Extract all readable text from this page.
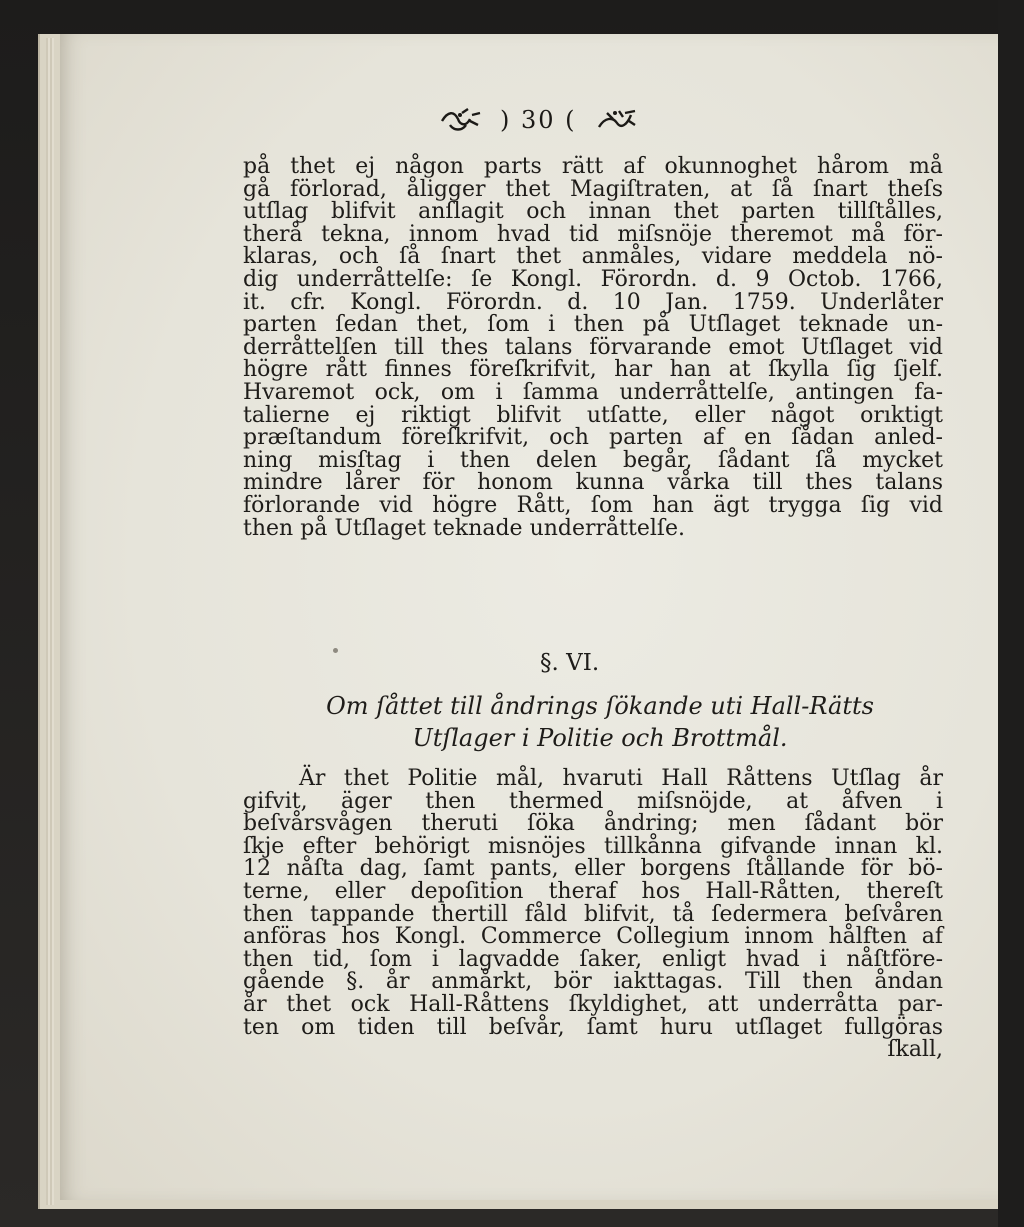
) 30 (
på thet ej någon parts rätt af okunnoghet hårom må
gå förlorad, åligger thet Magiſtraten, at ſå ſnart theſs
utſlag blifvit anſlagit och innan thet parten tillſtålles,
therå tekna, innom hvad tid miſsnöje theremot må för-
klaras, och ſå ſnart thet anmåles, vidare meddela nö-
dig underråttelſe: ſe Kongl. Förordn. d. 9 Octob. 1766,
it. cfr. Kongl. Förordn. d. 10 Jan. 1759. Underlåter
parten ſedan thet, ſom i then på Utſlaget teknade un-
derråttelſen till thes talans förvarande emot Utſlaget vid
högre rått finnes föreſkrifvit, har han at ſkylla ſig ſjelf.
Hvaremot ock, om i ſamma underråttelſe, antingen fa-
talierne ej riktigt blifvit utſatte, eller något orıktigt
præſtandum föreſkrifvit, och parten af en ſådan anled-
ning misſtag i then delen begår, ſådant ſå mycket
mindre lårer för honom kunna vårka till thes talans
förlorande vid högre Rått, ſom han ägt trygga ſig vid
then på Utſlaget teknade underråttelſe.
§. VI.
Om ſåttet till åndrings ſökande uti Hall-Rätts
Utſlager i Politie och Brottmål.
Är thet Politie mål, hvaruti Hall Råttens Utſlag år
gifvit, äger then thermed miſsnöjde, at åfven i
beſvårsvågen theruti ſöka åndring; men ſådant bör
ſkje efter behörigt misnöjes tillkånna gifvande innan kl.
12 nåſta dag, ſamt pants, eller borgens ſtållande för bö-
terne, eller depoſition theraf hos Hall-Råtten, thereſt
then tappande thertill fåld blifvit, tå ſedermera beſvåren
anföras hos Kongl. Commerce Collegium innom hålften af
then tid, ſom i lagvadde ſaker, enligt hvad i nåſtföre-
gående §. år anmårkt, bör iakttagas. Till then åndan
år thet ock Hall-Råttens ſkyldighet, att underråtta par-
ten om tiden till beſvår, ſamt huru utſlaget fullgöras
ſkall,
